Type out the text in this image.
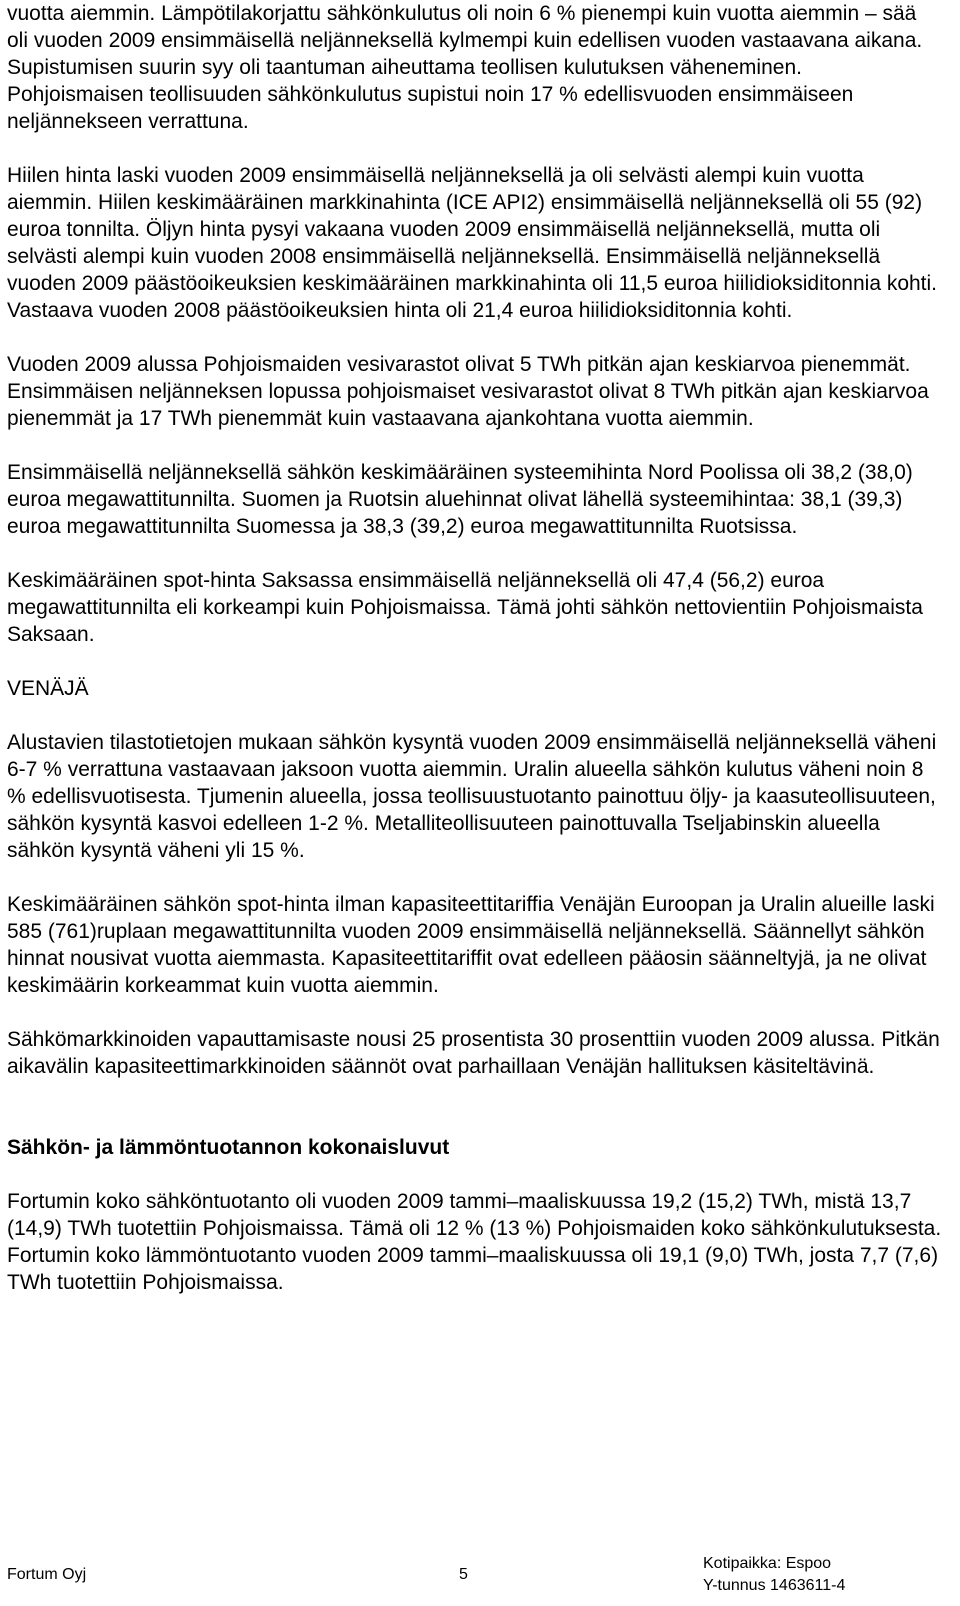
vuotta aiemmin. Lämpötilakorjattu sähkönkulutus oli noin 6 % pienempi kuin vuotta aiemmin – sää oli vuoden 2009 ensimmäisellä neljänneksellä kylmempi kuin edellisen vuoden vastaavana aikana. Supistumisen suurin syy oli taantuman aiheuttama teollisen kulutuksen väheneminen. Pohjoismaisen teollisuuden sähkönkulutus supistui noin 17 % edellisvuoden ensimmäiseen neljännekseen verrattuna.

Hiilen hinta laski vuoden 2009 ensimmäisellä neljänneksellä ja oli selvästi alempi kuin vuotta aiemmin. Hiilen keskimääräinen markkinahinta (ICE API2) ensimmäisellä neljänneksellä oli 55 (92) euroa tonnilta. Öljyn hinta pysyi vakaana vuoden 2009 ensimmäisellä neljänneksellä, mutta oli selvästi alempi kuin vuoden 2008 ensimmäisellä neljänneksellä. Ensimmäisellä neljänneksellä vuoden 2009 päästöoikeuksien keskimääräinen markkinahinta oli 11,5 euroa hiilidioksiditonnia kohti. Vastaava vuoden 2008 päästöoikeuksien hinta oli 21,4 euroa hiilidioksiditonnia kohti.

Vuoden 2009 alussa Pohjoismaiden vesivarastot olivat 5 TWh pitkän ajan keskiarvoa pienemmät. Ensimmäisen neljänneksen lopussa pohjoismaiset vesivarastot olivat 8 TWh pitkän ajan keskiarvoa pienemmät ja 17 TWh pienemmät kuin vastaavana ajankohtana vuotta aiemmin.

Ensimmäisellä neljänneksellä sähkön keskimääräinen systeemihinta Nord Poolissa oli 38,2 (38,0) euroa megawattitunnilta. Suomen ja Ruotsin aluehinnat olivat lähellä systeemihintaa: 38,1 (39,3) euroa megawattitunnilta Suomessa ja 38,3 (39,2) euroa megawattitunnilta Ruotsissa.

Keskimääräinen spot-hinta Saksassa ensimmäisellä neljänneksellä oli 47,4 (56,2) euroa megawattitunnilta eli korkeampi kuin Pohjoismaissa. Tämä johti sähkön nettovientiin Pohjoismaista Saksaan.

VENÄJÄ

Alustavien tilastotietojen mukaan sähkön kysyntä vuoden 2009 ensimmäisellä neljänneksellä väheni 6-7 % verrattuna vastaavaan jaksoon vuotta aiemmin. Uralin alueella sähkön kulutus väheni noin 8 % edellisvuotisesta. Tjumenin alueella, jossa teollisuustuotanto painottuu öljy- ja kaasuteollisuuteen, sähkön kysyntä kasvoi edelleen 1-2 %. Metalliteollisuuteen painottuvalla Tseljabinskin alueella sähkön kysyntä väheni yli 15 %.

Keskimääräinen sähkön spot-hinta ilman kapasiteettitariffia Venäjän Euroopan ja Uralin alueille laski 585 (761)ruplaan megawattitunnilta vuoden 2009 ensimmäisellä neljänneksellä. Säännellyt sähkön hinnat nousivat vuotta aiemmasta. Kapasiteettitariffit ovat edelleen pääosin säänneltyjä, ja ne olivat keskimäärin korkeammat kuin vuotta aiemmin.

Sähkömarkkinoiden vapauttamisaste nousi 25 prosentista 30 prosenttiin vuoden 2009 alussa. Pitkän aikavälin kapasiteettimarkkinoiden säännöt ovat parhaillaan Venäjän hallituksen käsiteltävinä.

Sähkön- ja lämmöntuotannon kokonaisluvut

Fortumin koko sähköntuotanto oli vuoden 2009 tammi–maaliskuussa 19,2 (15,2) TWh, mistä 13,7 (14,9) TWh tuotettiin Pohjoismaissa. Tämä oli 12 % (13 %) Pohjoismaiden koko sähkönkulutuksesta. Fortumin koko lämmöntuotanto vuoden 2009 tammi–maaliskuussa oli 19,1 (9,0) TWh, josta 7,7 (7,6) TWh tuotettiin Pohjoismaissa.

Fortum Oyj	5
Kotipaikka: Espoo
Y-tunnus 1463611-4
